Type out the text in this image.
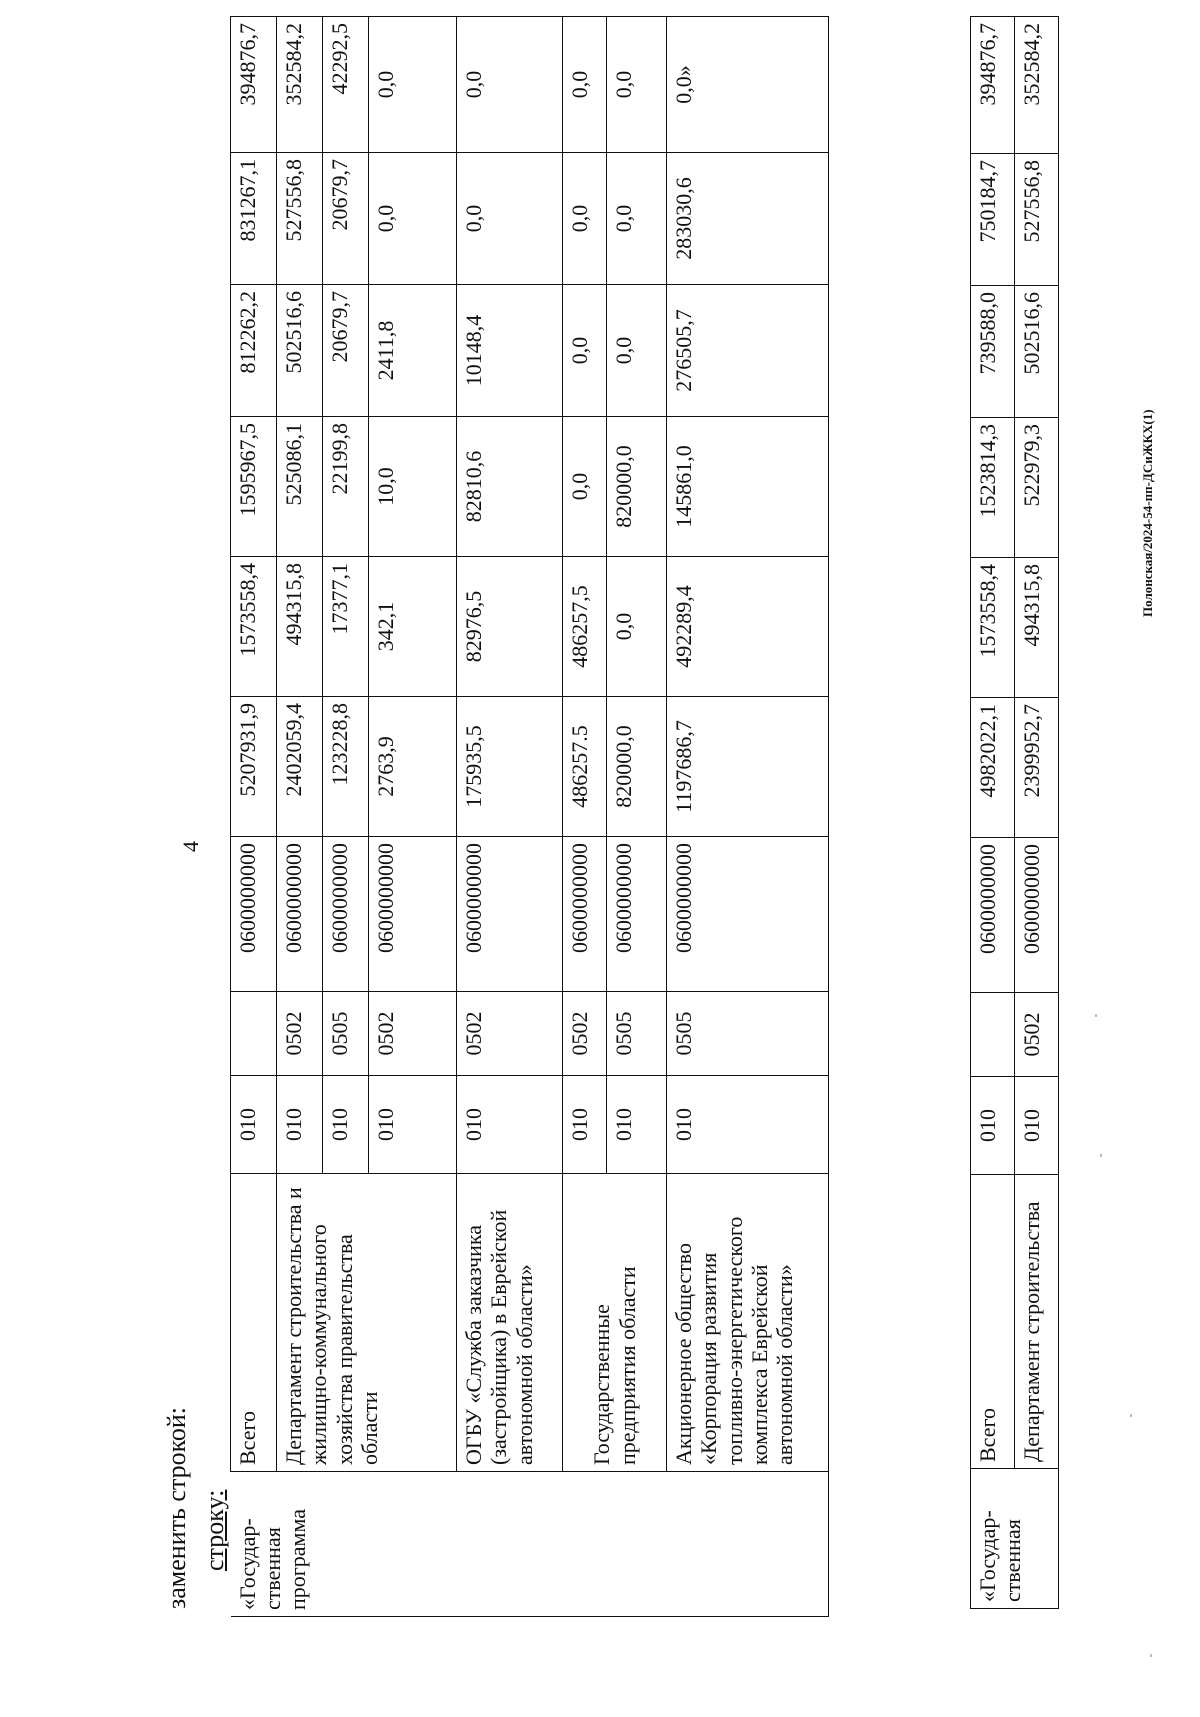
4
строку: «Государ-ственная программа	Всего	010		0600000000	5207931,9	1573558,4	1595967,5	812262,2	831267,1	394876,7
	Департамент строительства и жилищно-коммунального хозяйства правительства области	010	0502	0600000000	2402059,4	494315,8	525086,1	502516,6	527556,8	352584,2
		010	0505	0600000000	123228,8	17377,1	22199,8	20679,7	20679,7	42292,5
		010	0502	0600000000	2763,9	342,1	10,0	2411,8	0,0	0,0
	ОГБУ «Служба заказчика (застройщика) в Еврейской автономной области»	010	0502	0600000000	175935,5	82976,5	82810,6	10148,4	0,0	0,0
	Государственные предприятия области	010	0502	0600000000	486257.5	486257,5	0,0	0,0	0,0	0,0
		010	0505	0600000000	820000,0	0,0	820000,0	0,0	0,0	0,0
	Акционерное общество «Корпорация развития топливно-энергетического комплекса Еврейской автономной области»	010	0505	0600000000	1197686,7	492289,4	145861,0	276505,7	283030,6	0,0»
заменить строкой:	«Государ-ственная	Всего	010		0600000000	4982022,1	1573558,4	1523814,3	739588,0	750184,7	394876,7
	Департамент строительства	010	0502	0600000000	2399952,7	494315,8	522979,3	502516,6	527556,8	352584,2
Полонская/2024-54-пп-ДСиЖКХ(1)
